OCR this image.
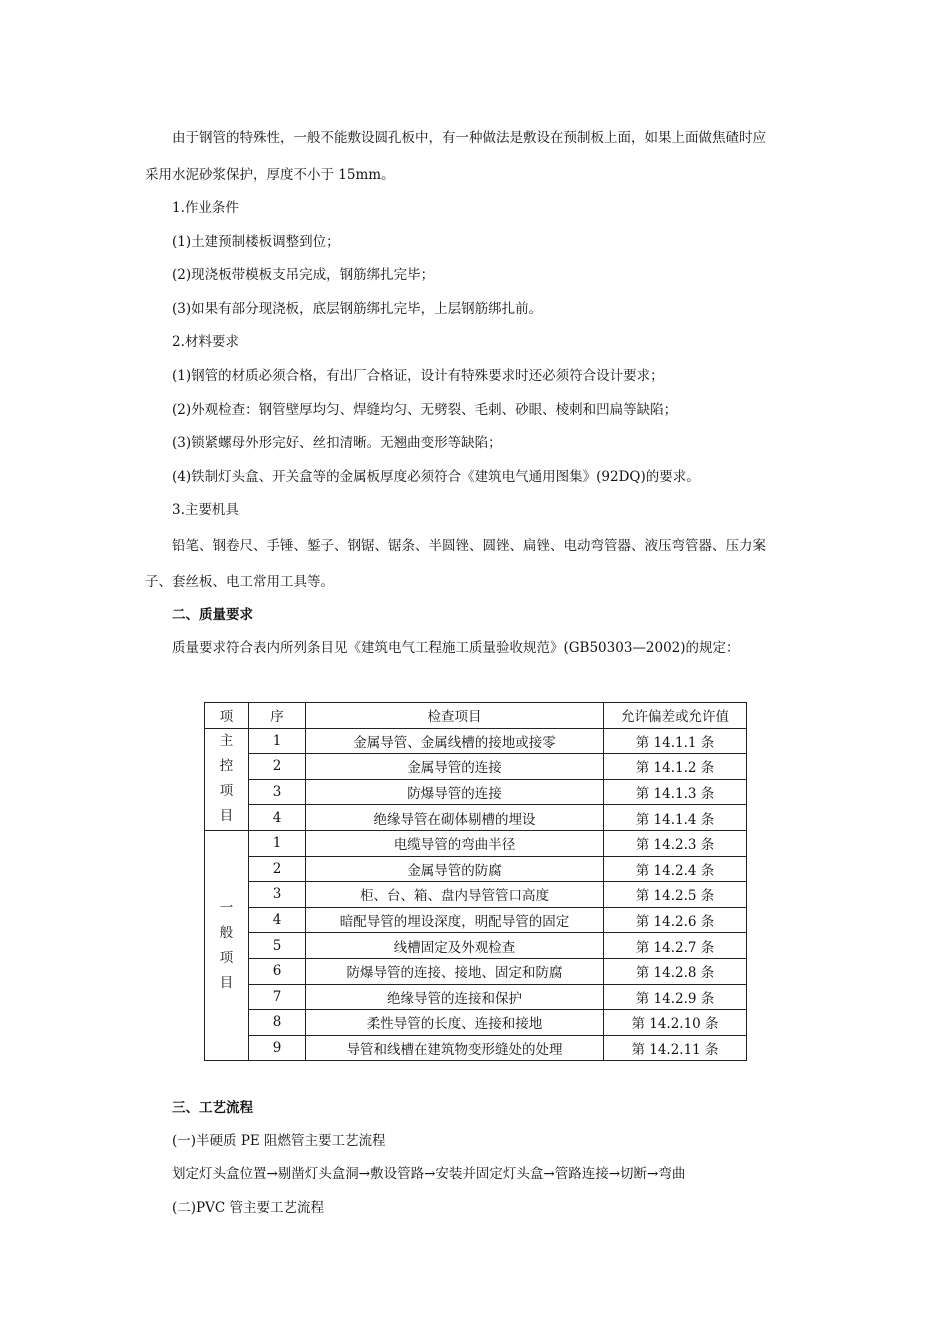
由于钢管的特殊性，一般不能敷设圆孔板中，有一种做法是敷设在预制板上面，如果上面做焦碴时应
采用水泥砂浆保护，厚度不小于 15mm。
1.作业条件
(1)土建预制楼板调整到位；
(2)现浇板带模板支吊完成，钢筋绑扎完毕；
(3)如果有部分现浇板，底层钢筋绑扎完毕，上层钢筋绑扎前。
2.材料要求
(1)钢管的材质必须合格，有出厂合格证，设计有特殊要求时还必须符合设计要求；
(2)外观检查：钢管壁厚均匀、焊缝均匀、无劈裂、毛刺、砂眼、棱刺和凹扁等缺陷；
(3)锁紧螺母外形完好、丝扣清晰。无翘曲变形等缺陷；
(4)铁制灯头盒、开关盒等的金属板厚度必须符合《建筑电气通用图集》(92DQ)的要求。
3.主要机具
铅笔、钢卷尺、手锤、錾子、钢锯、锯条、半圆锉、圆锉、扁锉、电动弯管器、液压弯管器、压力案
子、套丝板、电工常用工具等。
二、质量要求
质量要求符合表内所列条目见《建筑电气工程施工质量验收规范》(GB50303—2002)的规定：
项	序	检查项目	允许偏差或允许值

主
控
项
目	1	金属导管、金属线槽的接地或接零	第 14.1.1 条
	2	金属导管的连接	第 14.1.2 条
	3	防爆导管的连接	第 14.1.3 条
	4	绝缘导管在砌体剔槽的埋设	第 14.1.4 条

一
般
项
目	1	电缆导管的弯曲半径	第 14.2.3 条
	2	金属导管的防腐	第 14.2.4 条
	3	柜、台、箱、盘内导管管口高度	第 14.2.5 条
	4	暗配导管的埋设深度，明配导管的固定	第 14.2.6 条
	5	线槽固定及外观检查	第 14.2.7 条
	6	防爆导管的连接、接地、固定和防腐	第 14.2.8 条
	7	绝缘导管的连接和保护	第 14.2.9 条
	8	柔性导管的长度、连接和接地	第 14.2.10 条
	9	导管和线槽在建筑物变形缝处的处理	第 14.2.11 条
三、工艺流程
(一)半硬质 PE 阻燃管主要工艺流程
划定灯头盒位置→剔凿灯头盒洞→敷设管路→安装并固定灯头盒→管路连接→切断→弯曲
(二)PVC 管主要工艺流程
